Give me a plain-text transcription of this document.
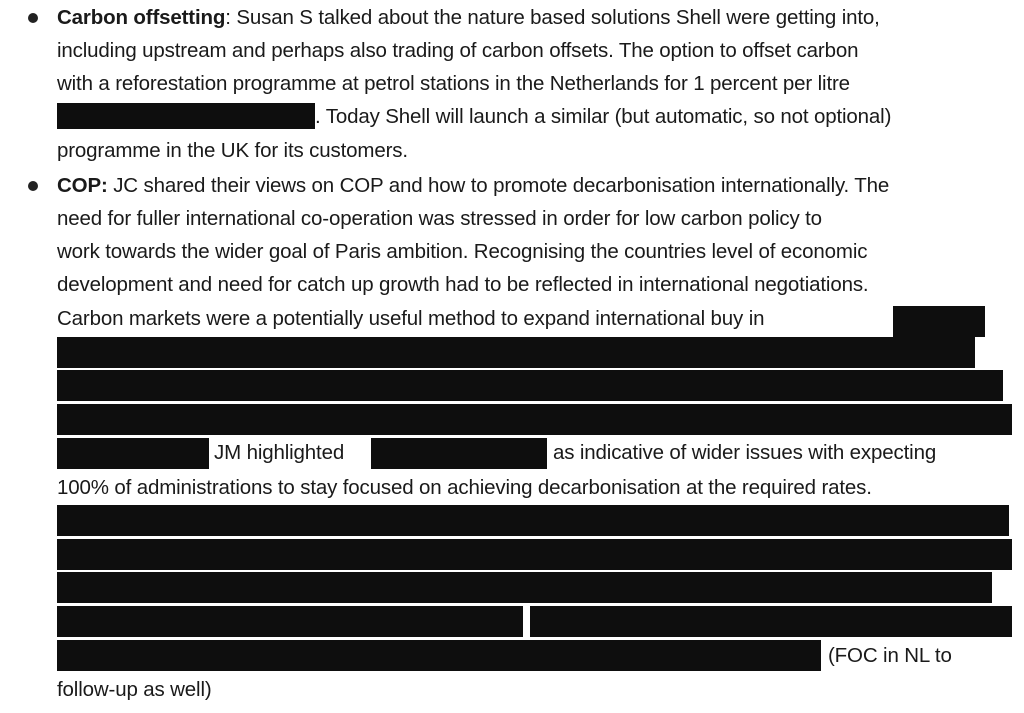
Carbon offsetting: Susan S talked about the nature based solutions Shell were getting into,
including upstream and perhaps also trading of carbon offsets. The option to offset carbon
with a reforestation programme at petrol stations in the Netherlands for 1 percent per litre
. Today Shell will launch a similar (but automatic, so not optional)
programme in the UK for its customers.
COP: JC shared their views on COP and how to promote decarbonisation internationally. The
need for fuller international co-operation was stressed in order for low carbon policy to
work towards the wider goal of Paris ambition. Recognising the countries level of economic
development and need for catch up growth had to be reflected in international negotiations.
Carbon markets were a potentially useful method to expand international buy in
JM highlighted	as indicative of wider issues with expecting
100% of administrations to stay focused on achieving decarbonisation at the required rates.
(FOC in NL to
follow-up as well)
